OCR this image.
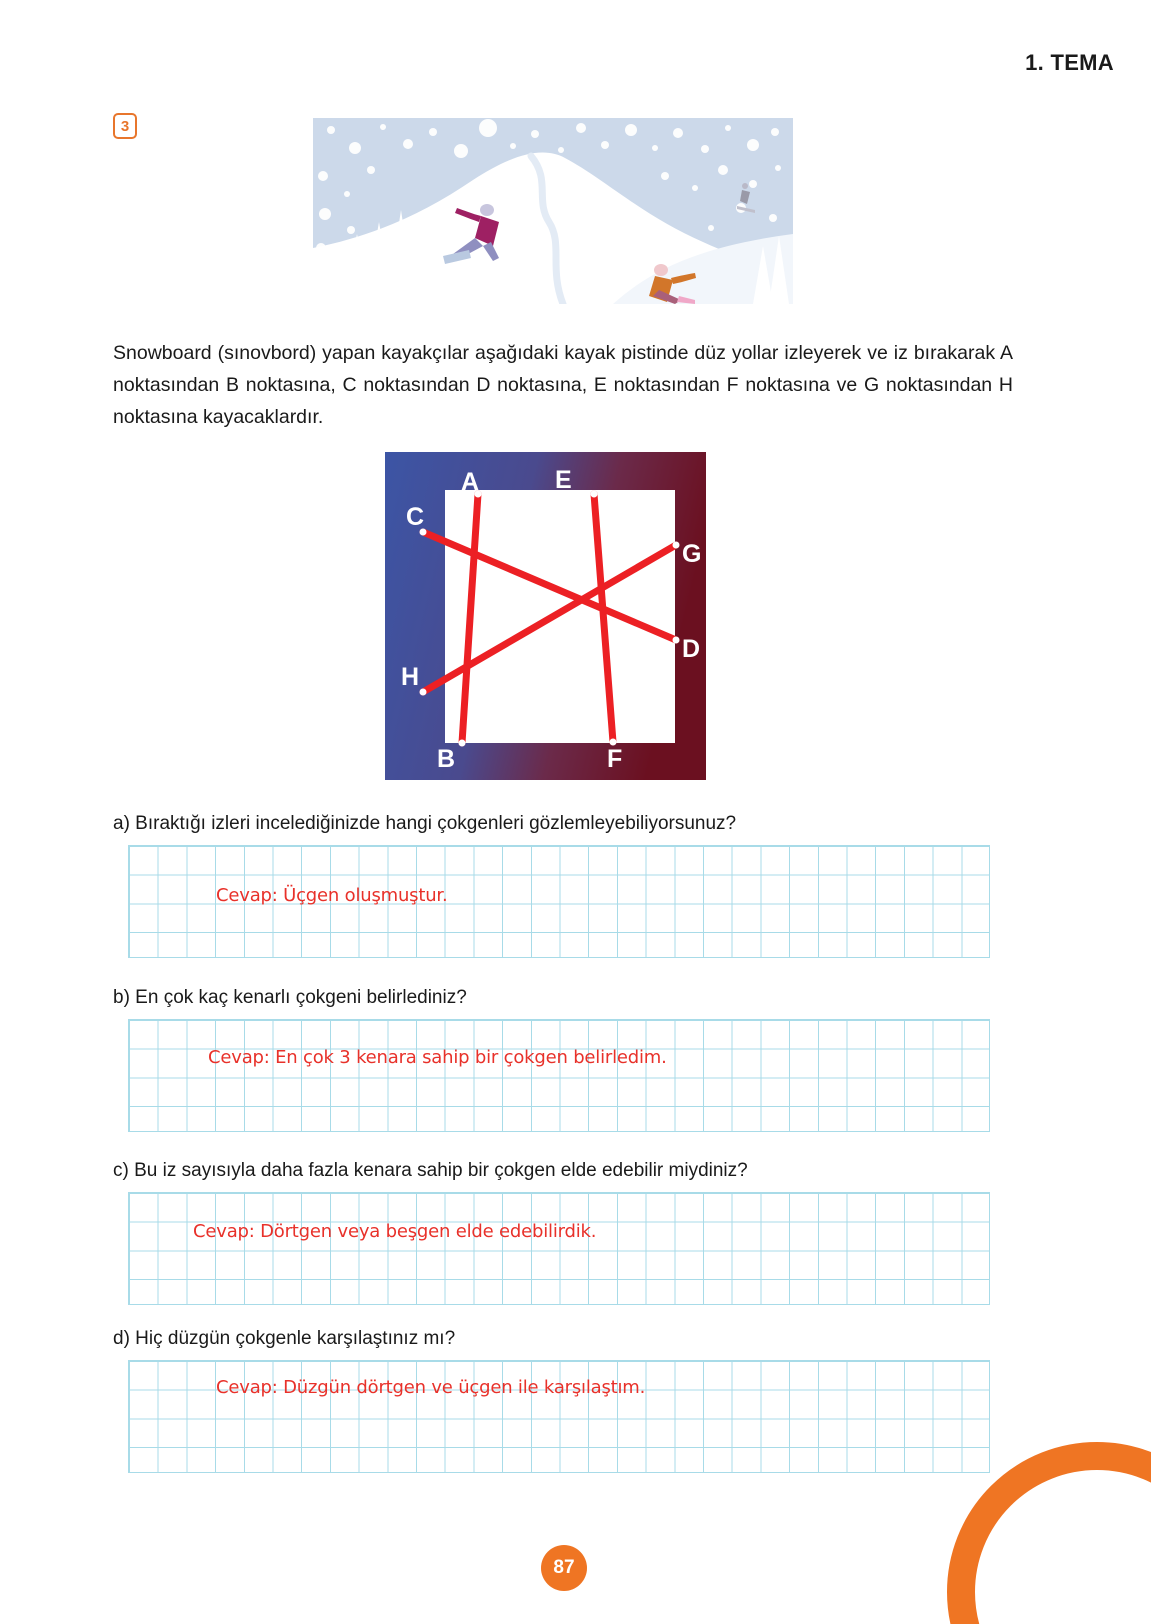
1. TEMA
3
Snowboard (sınovbord) yapan kayakçılar aşağıdaki kayak pistinde düz yollar izleyerek ve iz bırakarak A noktasından B noktasına, C noktasından D noktasına, E noktasından F noktasına ve G noktasından H noktasına kayacaklardır.
A
B
C
D
E
F
G
H
a) Bıraktığı izleri incelediğinizde hangi çokgenleri gözlemleyebiliyorsunuz?
Cevap: Üçgen oluşmuştur.
b) En çok kaç kenarlı çokgeni belirlediniz?
Cevap: En çok 3 kenara sahip bir çokgen belirledim.
c) Bu iz sayısıyla daha fazla kenara sahip bir çokgen elde edebilir miydiniz?
Cevap: Dörtgen veya beşgen elde edebilirdik.
d) Hiç düzgün çokgenle karşılaştınız mı?
Cevap: Düzgün dörtgen ve üçgen ile karşılaştım.
87
